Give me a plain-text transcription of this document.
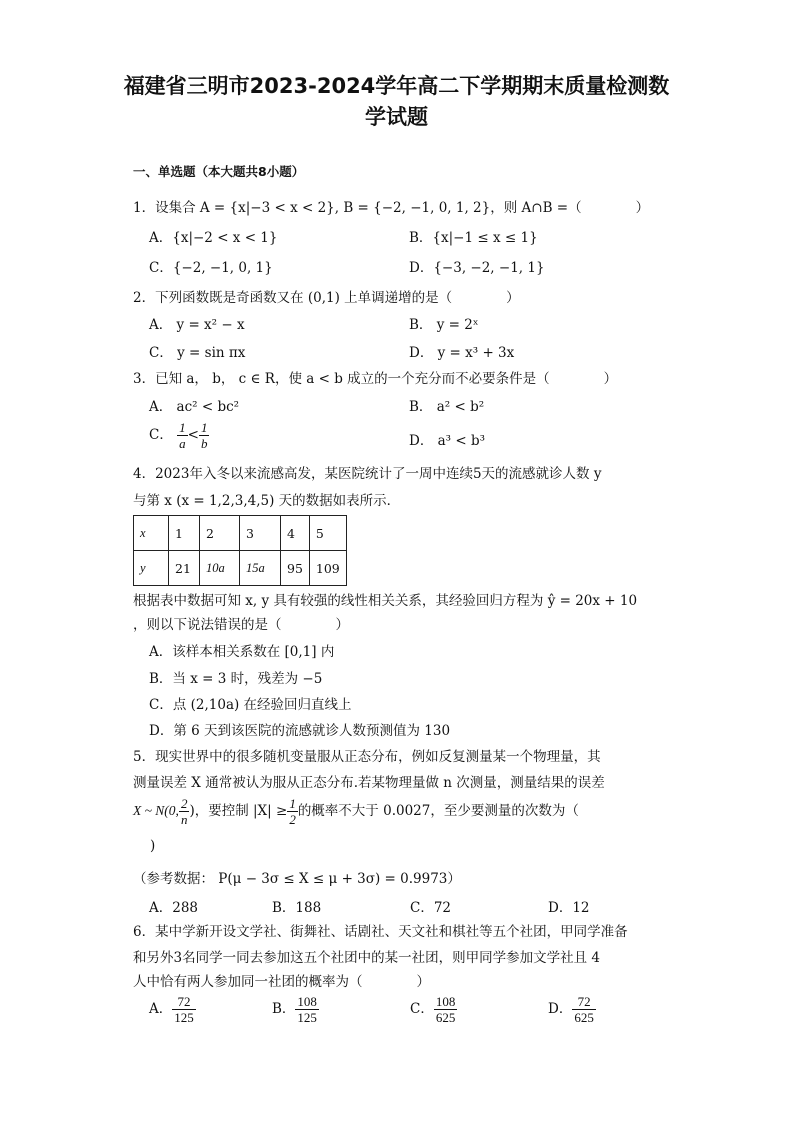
福建省三明市2023-2024学年高二下学期期末质量检测数
学试题
一、单选题（本大题共8小题）
1．设集合 A = {x|−3 < x < 2}, B = {−2, −1, 0, 1, 2}，则 A∩B =（　　　　）
A．{x|−2 < x < 1}	B．{x|−1 ≤ x ≤ 1}
C．{−2, −1, 0, 1}	D．{−3, −2, −1, 1}
2．下列函数既是奇函数又在 (0,1) 上单调递增的是（　　　　）
A． y = x² − x	B． y = 2ˣ
C． y = sin πx	D． y = x³ + 3x
3．已知 a， b， c ∈ R，使 a < b 成立的一个充分而不必要条件是（　　　　）
A． ac² < bc²	B． a² < b²
C． $\frac{1}{a} < \frac{1}{b}$	D． a³ < b³
4．2023年入冬以来流感高发，某医院统计了一周中连续5天的流感就诊人数 y
与第 x (x = 1,2,3,4,5) 天的数据如表所示．
x	1	2	3	4	5
y	21	10a	15a	95	109
根据表中数据可知 x, y 具有较强的线性相关关系，其经验回归方程为 ŷ = 20x + 10
，则以下说法错误的是（　　　　）
A．该样本相关系数在 [0,1] 内
B．当 x = 3 时，残差为 −5
C．点 (2,10a) 在经验回归直线上
D．第 6 天到该医院的流感就诊人数预测值为 130
5．现实世界中的很多随机变量服从正态分布，例如反复测量某一个物理量，其
测量误差 X 通常被认为服从正态分布.若某物理量做 n 次测量，测量结果的误差
X ~ N(0, $\frac{2}{n}$ )，要控制 $|X| \ge \frac{1}{2}$ 的概率不大于 0.0027，至少要测量的次数为（
)
（参考数据： P(μ − 3σ ≤ X ≤ μ + 3σ) = 0.9973）
A．288	B．188	C．72	D．12
6．某中学新开设文学社、街舞社、话剧社、天文社和棋社等五个社团，甲同学准备
和另外3名同学一同去参加这五个社团中的某一社团，则甲同学参加文学社且 4
人中恰有两人参加同一社团的概率为（　　　　）
A． $\frac{72}{125}$	B． $\frac{108}{125}$	C． $\frac{108}{625}$	D． $\frac{72}{625}$
